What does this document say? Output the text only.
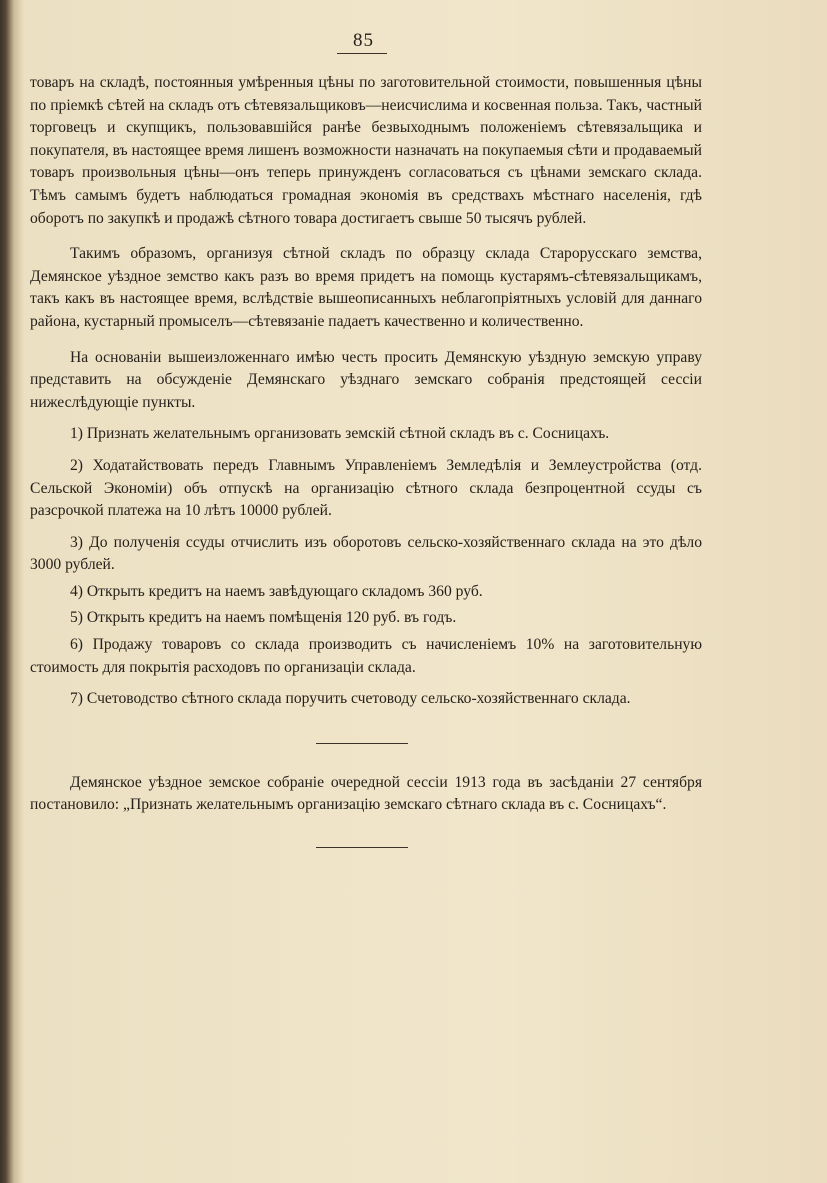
85

товаръ на складѣ, постоянныя умѣренныя цѣны по заготовительной стоимости, повышенныя цѣны по пріемкѣ сѣтей на складъ отъ сѣтевязальщиковъ—неисчислима и косвенная польза. Такъ, частный торговецъ и скупщикъ, пользовавшійся ранѣе безвыходнымъ положеніемъ сѣтевязальщика и покупателя, въ настоящее время лишенъ возможности назначать на покупаемыя сѣти и продаваемый товаръ произвольныя цѣны—онъ теперь принужденъ согласоваться съ цѣнами земскаго склада. Тѣмъ самымъ будетъ наблюдаться громадная экономія въ средствахъ мѣстнаго населенія, гдѣ оборотъ по закупкѣ и продажѣ сѣтного товара достигаетъ свыше 50 тысячъ рублей.

Такимъ образомъ, организуя сѣтной складъ по образцу склада Старорусскаго земства, Демянское уѣздное земство какъ разъ во время придетъ на помощь кустарямъ-сѣтевязальщикамъ, такъ какъ въ настоящее время, вслѣдствіе вышеописанныхъ неблагопріятныхъ условій для даннаго района, кустарный промыселъ—сѣтевязаніе падаетъ качественно и количественно.

На основаніи вышеизложеннаго имѣю честь просить Демянскую уѣздную земскую управу представить на обсужденіе Демянскаго уѣзднаго земскаго собранія предстоящей сессіи нижеслѣдующіе пункты.

1) Признать желательнымъ организовать земскій сѣтной складъ въ с. Сосницахъ.

2) Ходатайствовать передъ Главнымъ Управленіемъ Земледѣлія и Землеустройства (отд. Сельской Экономіи) объ отпускѣ на организацію сѣтного склада безпроцентной ссуды съ разсрочкой платежа на 10 лѣтъ 10000 рублей.

3) До полученія ссуды отчислить изъ оборотовъ сельско-хозяйственнаго склада на это дѣло 3000 рублей.

4) Открыть кредитъ на наемъ завѣдующаго складомъ 360 руб.

5) Открыть кредитъ на наемъ помѣщенія 120 руб. въ годъ.

6) Продажу товаровъ со склада производить съ начисленіемъ 10% на заготовительную стоимость для покрытія расходовъ по организаціи склада.

7) Счетоводство сѣтного склада поручить счетоводу сельско-хозяйственнаго склада.

Демянское уѣздное земское собраніе очередной сессіи 1913 года въ засѣданіи 27 сентября постановило: „Признать желательнымъ организацію земскаго сѣтнаго склада въ с. Сосницахъ“.
